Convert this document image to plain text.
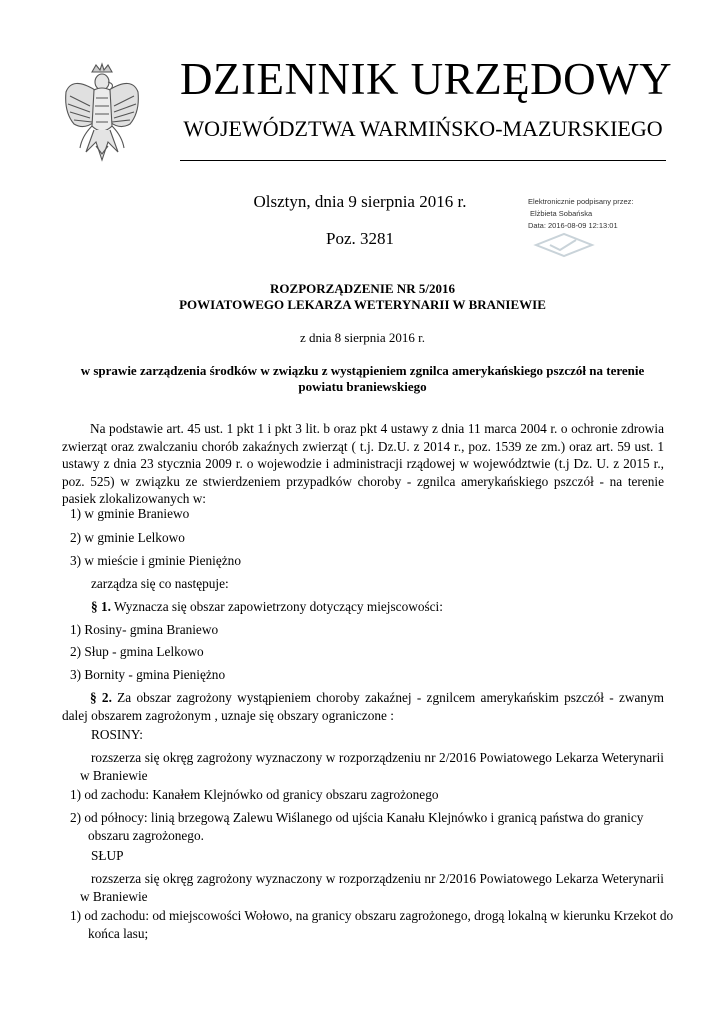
DZIENNIK URZĘDOWY
WOJEWÓDZTWA WARMIŃSKO-MAZURSKIEGO
Olsztyn, dnia 9 sierpnia 2016 r.
Poz. 3281
Elektronicznie podpisany przez:
Elżbieta Sobańska
Data: 2016-08-09 12:13:01
ROZPORZĄDZENIE NR 5/2016
POWIATOWEGO LEKARZA WETERYNARII W BRANIEWIE
z dnia 8 sierpnia 2016 r.
w sprawie zarządzenia środków w związku z wystąpieniem zgnilca amerykańskiego pszczół na terenie
powiatu braniewskiego
Na podstawie art. 45 ust. 1 pkt 1 i pkt 3 lit. b oraz pkt 4 ustawy z dnia 11 marca 2004 r. o ochronie zdrowia zwierząt oraz zwalczaniu chorób zakaźnych zwierząt ( t.j. Dz.U. z 2014 r., poz. 1539 ze zm.) oraz art. 59 ust. 1 ustawy z dnia 23 stycznia 2009 r. o wojewodzie i administracji rządowej w województwie (t.j Dz. U. z 2015 r., poz. 525) w związku ze stwierdzeniem przypadków choroby - zgnilca amerykańskiego pszczół - na terenie pasiek zlokalizowanych w:
1) w gminie Braniewo
2) w gminie Lelkowo
3) w mieście i gminie Pieniężno
zarządza się co następuje:
§ 1. Wyznacza się obszar zapowietrzony dotyczący miejscowości:
1) Rosiny- gmina Braniewo
2) Słup - gmina Lelkowo
3) Bornity - gmina Pieniężno
§ 2. Za obszar zagrożony wystąpieniem choroby zakaźnej - zgnilcem amerykańskim pszczół - zwanym dalej obszarem zagrożonym , uznaje się obszary ograniczone :
ROSINY:
rozszerza się okręg zagrożony wyznaczony w rozporządzeniu nr 2/2016 Powiatowego Lekarza Weterynarii w Braniewie
1) od zachodu: Kanałem Klejnówko od granicy obszaru zagrożonego
2) od północy: linią brzegową Zalewu Wiślanego od ujścia Kanału Klejnówko i granicą państwa do granicy obszaru zagrożonego.
SŁUP
rozszerza się okręg zagrożony wyznaczony w rozporządzeniu nr 2/2016 Powiatowego Lekarza Weterynarii w Braniewie
1) od zachodu: od miejscowości Wołowo, na granicy obszaru zagrożonego, drogą lokalną w kierunku Krzekot do końca lasu;
